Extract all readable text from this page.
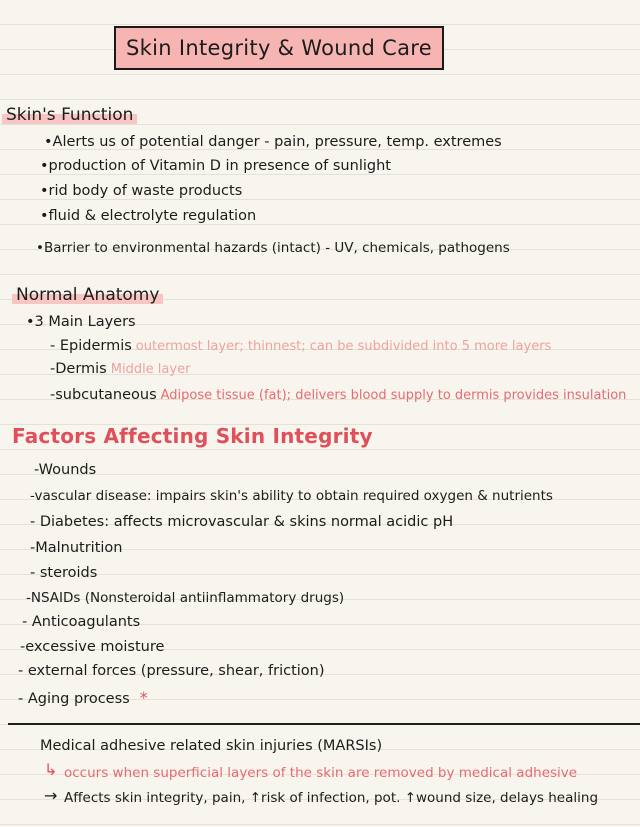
Skin Integrity & Wound Care
Skin's Function
•Alerts us of potential danger - pain, pressure, temp. extremes
•production of Vitamin D in presence of sunlight
•rid body of waste products
•fluid & electrolyte regulation
•Barrier to environmental hazards (intact) - UV, chemicals, pathogens
Normal Anatomy
•3 Main Layers
- Epidermis outermost layer; thinnest; can be subdivided into 5 more layers
-Dermis Middle layer
-subcutaneous Adipose tissue (fat); delivers blood supply to dermis provides insulation
Factors Affecting Skin Integrity
-Wounds
-vascular disease: impairs skin's ability to obtain required oxygen & nutrients
- Diabetes: affects microvascular & skins normal acidic pH
-Malnutrition
- steroids
-NSAIDs (Nonsteroidal antiinflammatory drugs)
- Anticoagulants
-excessive moisture
- external forces (pressure, shear, friction)
- Aging process *
Medical adhesive related skin injuries (MARSIs)
↳ occurs when superficial layers of the skin are removed by medical adhesive
→ Affects skin integrity, pain, ↑risk of infection, pot. ↑wound size, delays healing
